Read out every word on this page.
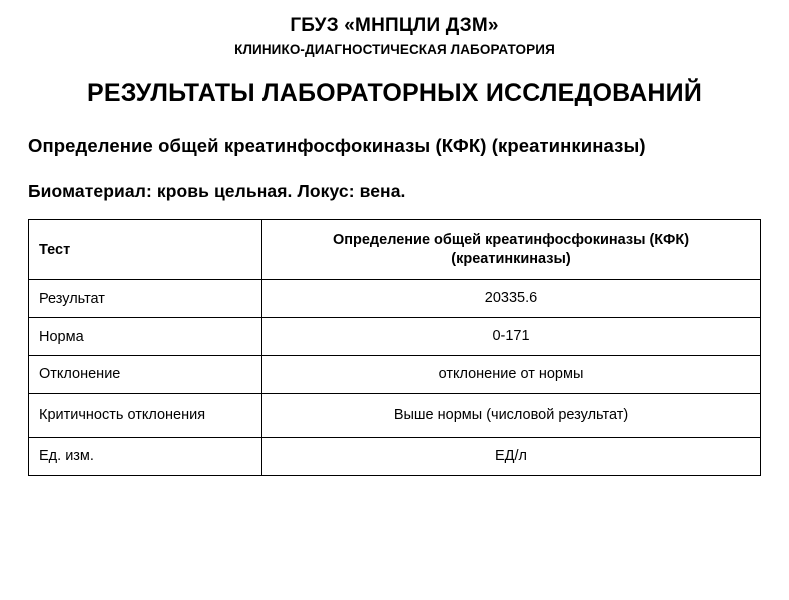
ГБУЗ «МНПЦЛИ ДЗМ»
КЛИНИКО-ДИАГНОСТИЧЕСКАЯ ЛАБОРАТОРИЯ
РЕЗУЛЬТАТЫ ЛАБОРАТОРНЫХ ИССЛЕДОВАНИЙ
Определение общей креатинфосфокиназы (КФК) (креатинкиназы)
Биоматериал: кровь цельная. Локус: вена.
Тест	Определение общей креатинфосфокиназы (КФК) (креатинкиназы)
Результат	20335.6
Норма	0-171
Отклонение	отклонение от нормы
Критичность отклонения	Выше нормы (числовой результат)
Ед. изм.	ЕД/л
